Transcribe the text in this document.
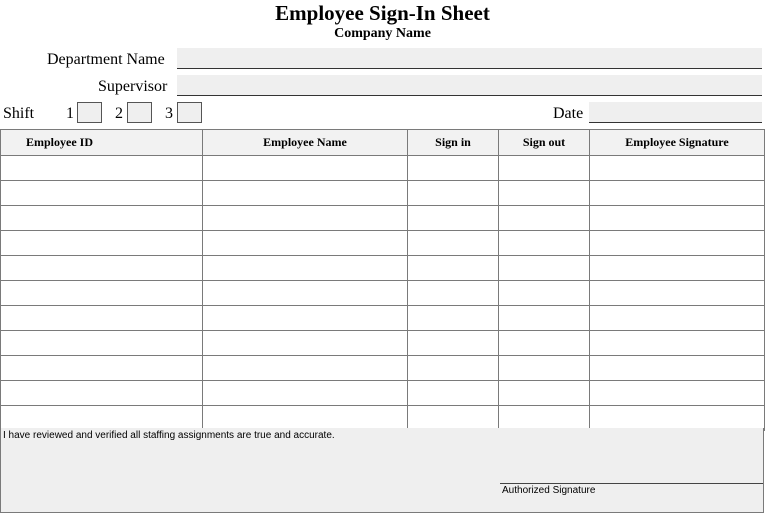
Employee Sign-In Sheet
Company Name
Department Name
Supervisor
Shift 1	2	3	Date
Employee ID	Employee Name	Sign in	Sign out	Employee Signature

I have reviewed and verified all staffing assignments are true and accurate.
Authorized Signature
